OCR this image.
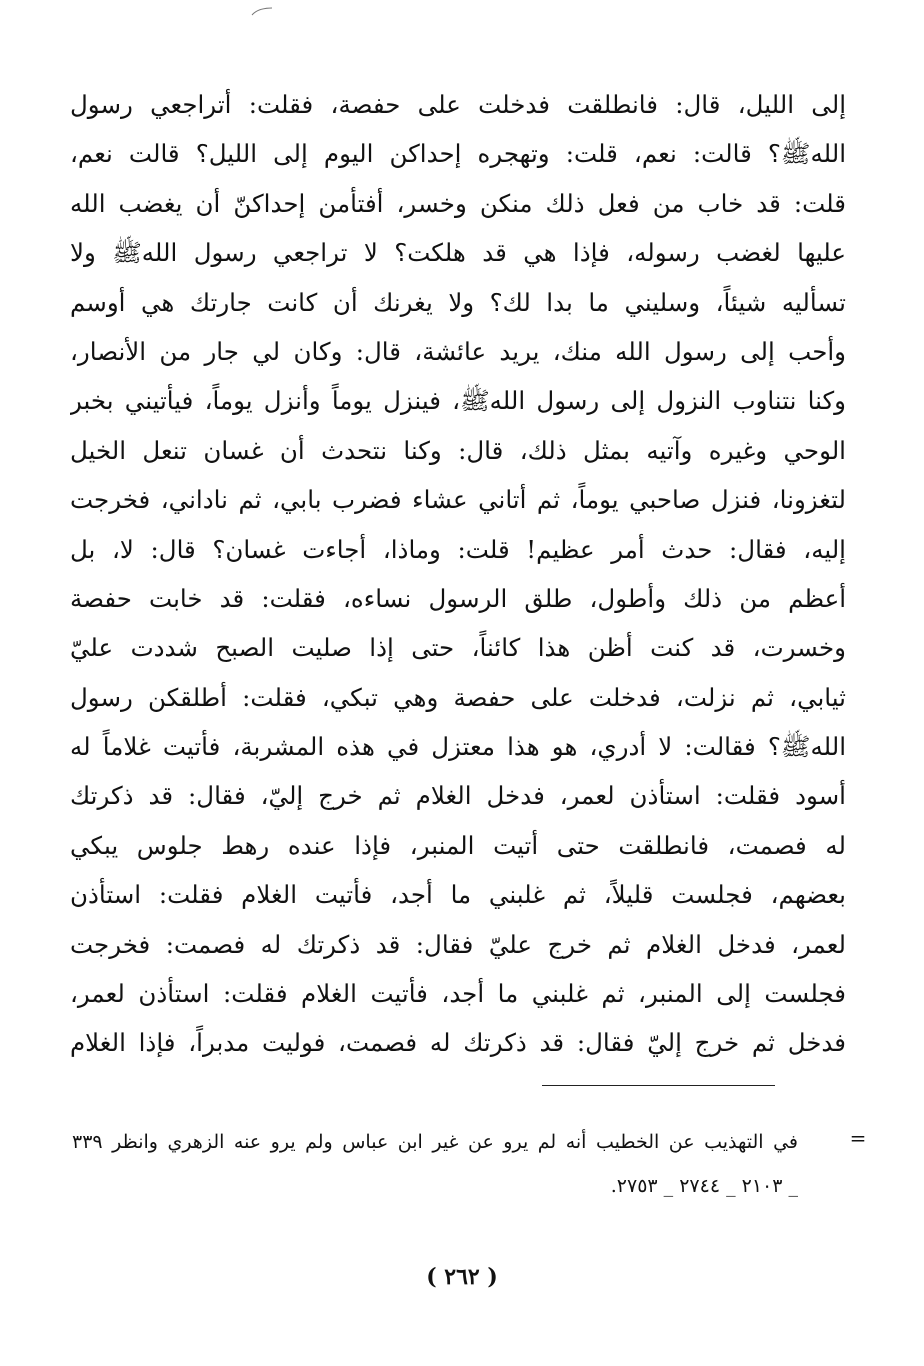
إلى الليل، قال: فانطلقت فدخلت على حفصة، فقلت: أتراجعي رسول
اللهﷺ؟ قالت: نعم، قلت: وتهجره إحداكن اليوم إلى الليل؟ قالت نعم،
قلت: قد خاب من فعل ذلك منكن وخسر، أفتأمن إحداكنّ أن يغضب الله
عليها لغضب رسوله، فإذا هي قد هلكت؟ لا تراجعي رسول اللهﷺ ولا
تسأليه شيئاً، وسليني ما بدا لك؟ ولا يغرنك أن كانت جارتك هي أوسم
وأحب إلى رسول الله منك، يريد عائشة، قال: وكان لي جار من الأنصار،
وكنا نتناوب النزول إلى رسول اللهﷺ، فينزل يوماً وأنزل يوماً، فيأتيني بخبر
الوحي وغيره وآتيه بمثل ذلك، قال: وكنا نتحدث أن غسان تنعل الخيل
لتغزونا، فنزل صاحبي يوماً، ثم أتاني عشاء فضرب بابي، ثم ناداني، فخرجت
إليه، فقال: حدث أمر عظيم! قلت: وماذا، أجاءت غسان؟ قال: لا، بل
أعظم من ذلك وأطول، طلق الرسول نساءه، فقلت: قد خابت حفصة
وخسرت، قد كنت أظن هذا كائناً، حتى إذا صليت الصبح شددت عليّ
ثيابي، ثم نزلت، فدخلت على حفصة وهي تبكي، فقلت: أطلقكن رسول
اللهﷺ؟ فقالت: لا أدري، هو هذا معتزل في هذه المشربة، فأتيت غلاماً له
أسود فقلت: استأذن لعمر، فدخل الغلام ثم خرج إليّ، فقال: قد ذكرتك
له فصمت، فانطلقت حتى أتيت المنبر، فإذا عنده رهط جلوس يبكي
بعضهم، فجلست قليلاً، ثم غلبني ما أجد، فأتيت الغلام فقلت: استأذن
لعمر، فدخل الغلام ثم خرج عليّ فقال: قد ذكرتك له فصمت: فخرجت
فجلست إلى المنبر، ثم غلبني ما أجد، فأتيت الغلام فقلت: استأذن لعمر،
فدخل ثم خرج إليّ فقال: قد ذكرتك له فصمت، فوليت مدبراً، فإذا الغلام
=
في التهذيب عن الخطيب أنه لم يرو عن غير ابن عباس ولم يرو عنه الزهري وانظر ٣٣٩
_ ٢١٠٣ _ ٢٧٤٤ _ ٢٧٥٣.
( ٢٦٢ )
